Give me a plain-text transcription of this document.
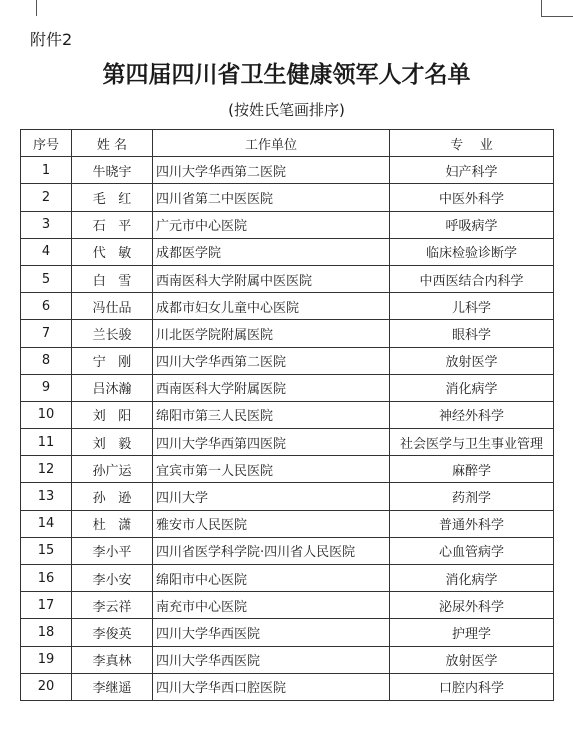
附件2
第四届四川省卫生健康领军人才名单
(按姓氏笔画排序)
序号	姓 名	工作单位	专    业
1	牛晓宇	四川大学华西第二医院	妇产科学
2	毛   红	四川省第二中医医院	中医外科学
3	石   平	广元市中心医院	呼吸病学
4	代   敏	成都医学院	临床检验诊断学
5	白   雪	西南医科大学附属中医医院	中西医结合内科学
6	冯仕品	成都市妇女儿童中心医院	儿科学
7	兰长骏	川北医学院附属医院	眼科学
8	宁   刚	四川大学华西第二医院	放射医学
9	吕沐瀚	西南医科大学附属医院	消化病学
10	刘   阳	绵阳市第三人民医院	神经外科学
11	刘   毅	四川大学华西第四医院	社会医学与卫生事业管理
12	孙广运	宜宾市第一人民医院	麻醉学
13	孙   逊	四川大学	药剂学
14	杜   潇	雅安市人民医院	普通外科学
15	李小平	四川省医学科学院·四川省人民医院	心血管病学
16	李小安	绵阳市中心医院	消化病学
17	李云祥	南充市中心医院	泌尿外科学
18	李俊英	四川大学华西医院	护理学
19	李真林	四川大学华西医院	放射医学
20	李继遥	四川大学华西口腔医院	口腔内科学
